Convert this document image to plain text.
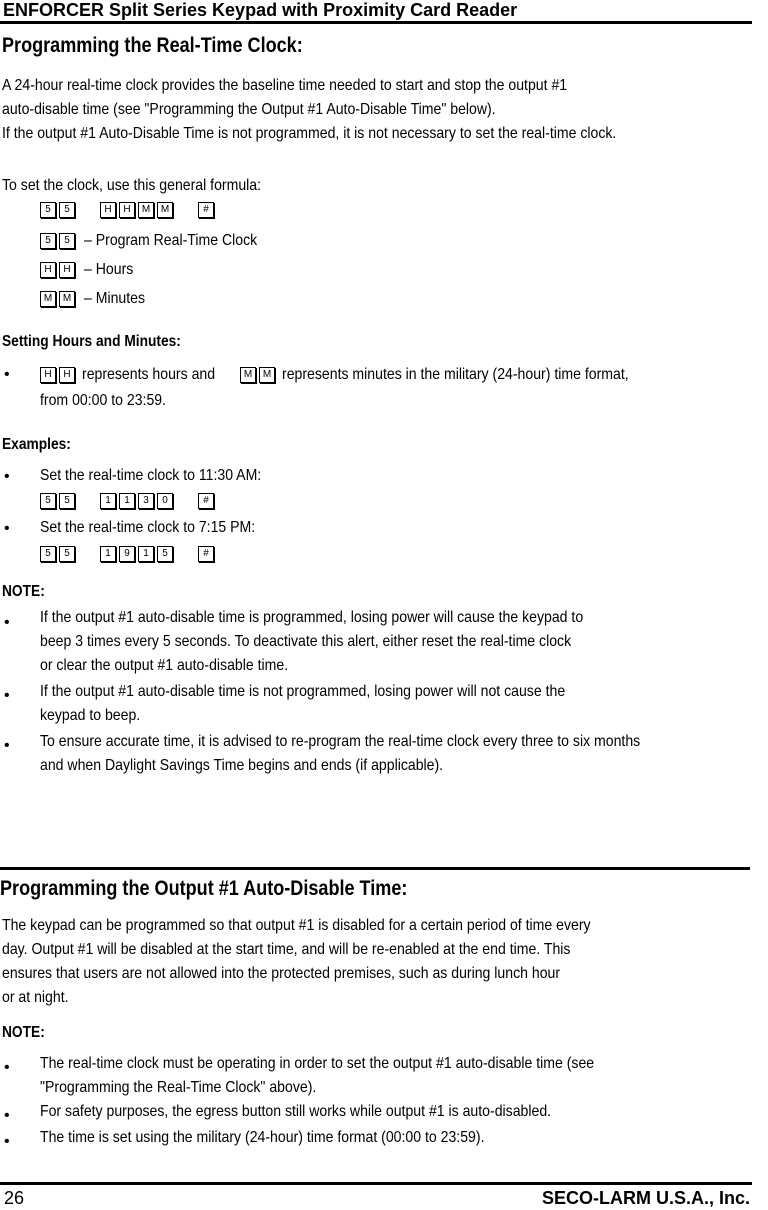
ENFORCER Split Series Keypad with Proximity Card Reader
Programming the Real-Time Clock:
A 24-hour real-time clock provides the baseline time needed to start and stop the output #1
auto-disable time (see "Programming the Output #1 Auto-Disable Time" below).
If the output #1 Auto-Disable Time is not programmed, it is not necessary to set the real-time clock.
To set the clock, use this general formula:
5	5	H	H	M	M	#
5	5 – Program Real-Time Clock
H	H – Hours
M	M – Minutes
Setting Hours and Minutes:
•	H	H represents hours and	M	M represents minutes in the military (24-hour) time format,
from 00:00 to 23:59.
Examples:
• Set the real-time clock to 11:30 AM:
5	5	1	1	3	0	#
• Set the real-time clock to 7:15 PM:
5	5	1	9	1	5	#
NOTE:
• If the output #1 auto-disable time is programmed, losing power will cause the keypad to
beep 3 times every 5 seconds. To deactivate this alert, either reset the real-time clock
or clear the output #1 auto-disable time.
• If the output #1 auto-disable time is not programmed, losing power will not cause the
keypad to beep.
• To ensure accurate time, it is advised to re-program the real-time clock every three to six months
and when Daylight Savings Time begins and ends (if applicable).
Programming the Output #1 Auto-Disable Time:
The keypad can be programmed so that output #1 is disabled for a certain period of time every
day. Output #1 will be disabled at the start time, and will be re-enabled at the end time. This
ensures that users are not allowed into the protected premises, such as during lunch hour
or at night.
NOTE:
• The real-time clock must be operating in order to set the output #1 auto-disable time (see
"Programming the Real-Time Clock" above).
• For safety purposes, the egress button still works while output #1 is auto-disabled.
• The time is set using the military (24-hour) time format (00:00 to 23:59).
26	SECO-LARM U.S.A., Inc.
